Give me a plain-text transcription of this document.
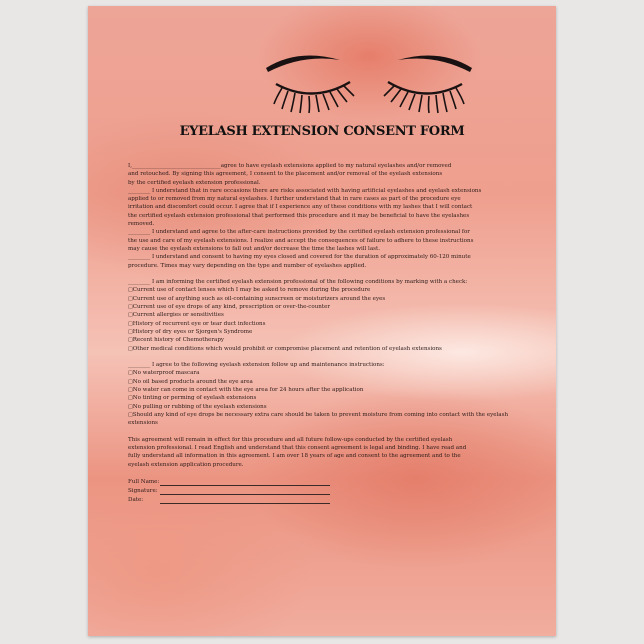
EYELASH EXTENSION CONSENT FORM
I,________________________________agree to have eyelash extensions applied to my natural eyelashes and/or removed
and retouched. By signing this agreement, I consent to the placement and/or removal of the eyelash extensions
by the certified eyelash extension professional.
________ I understand that in rare occasions there are risks associated with having artificial eyelashes and eyelash extensions
applied to or removed from my natural eyelashes. I further understand that in rare cases as part of the procedure eye
irritation and discomfort could occur. I agree that if I experience any of these conditions with my lashes that I will contact
the certified eyelash extension professional that performed this procedure and it may be beneficial to have the eyelashes
removed.
________ I understand and agree to the after-care instructions provided by the certified eyelash extension professional for
the use and care of my eyelash extensions. I realize and accept the consequences of failure to adhere to these instructions
may cause the eyelash extensions to fall out and/or decrease the time the lashes will last.
________ I understand and consent to having my eyes closed and covered for the duration of approximately 60-120 minute
procedure. Times may vary depending on the type and number of eyelashes applied.
________ I am informing the certified eyelash extension professional of the following conditions by marking with a check:
□ Current use of contact lenses which I may be asked to remove during the procedure
□ Current use of anything such as oil-containing sunscreen or moisturizers around the eyes
□ Current use of eye drops of any kind, prescription or over-the-counter
□ Current allergies or sensitivities
□ History of recurrent eye or tear duct infections
□ History of dry eyes or Sjorgen's Syndrome
□ Recent history of Chemotherapy
□ Other medical conditions which would prohibit or compromise placement and retention of eyelash extensions
________ I agree to the following eyelash extension follow up and maintenance instructions:
□ No waterproof mascara
□ No oil based products around the eye area
□ No water can come in contact with the eye area for 24 hours after the application
□ No tinting or perming of eyelash extensions
□ No pulling or rubbing of the eyelash extensions
□ Should any kind of eye drops be necessary extra care should be taken to prevent moisture from coming into contact with the eyelash
extensions
This agreement will remain in effect for this procedure and all future follow-ups conducted by the certified eyelash
extension professional. I read English and understand that this consent agreement is legal and binding. I have read and
fully understand all information in this agreement. I am over 18 years of age and consent to the agreement and to the
eyelash extension application procedure.
Full Name:
Signature:
Date:
